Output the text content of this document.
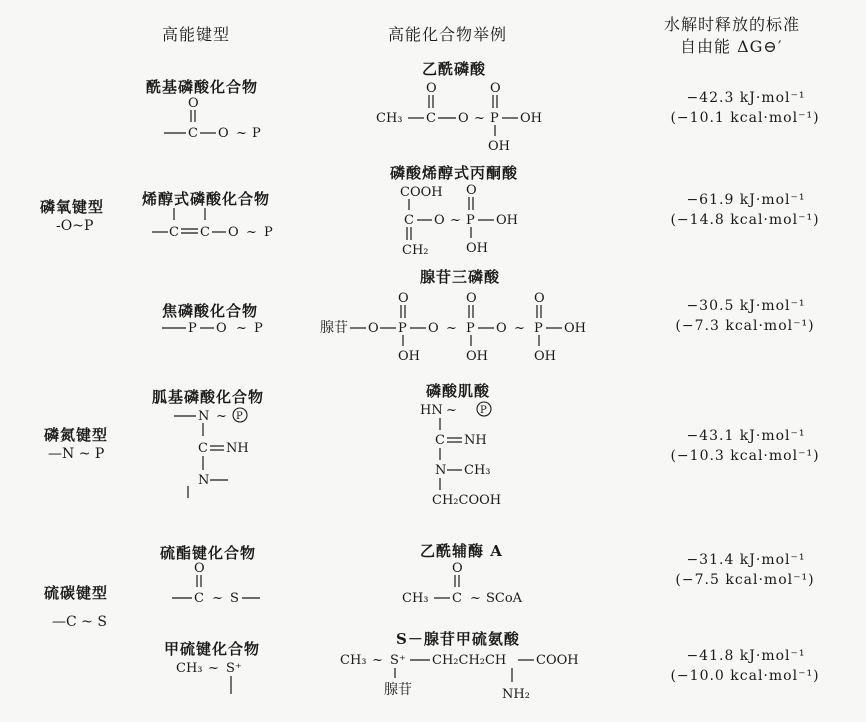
高能键型	高能化合物举例
水解时释放的标准
自由能 ΔG⊖′
磷氧键型
-O~P
磷氮键型
—N ~ P
硫碳键型
—C ~ S
酰基磷酸化合物
O
C O ~ P
乙酰磷酸
CH₃ C
O
O ~ P
O
OH
OH
−42.3 kJ·mol⁻¹
(−10.1 kcal·mol⁻¹)
烯醇式磷酸化合物
C C O ~ P
磷酸烯醇式丙酮酸
COOH
C O ~ P
O
OH
OH
CH₂
−61.9 kJ·mol⁻¹
(−14.8 kcal·mol⁻¹)
焦磷酸化合物
P O ~ P
腺苷三磷酸
腺苷 O P
O
OH
O ~ P
O
OH
O ~ P
O
OH
OH
−30.5 kJ·mol⁻¹
(−7.3 kcal·mol⁻¹)
胍基磷酸化合物
N ~ P
C NH
N
磷酸肌酸
HN ~ P
C NH
N CH₃
CH₂COOH
−43.1 kJ·mol⁻¹
(−10.3 kcal·mol⁻¹)
硫酯键化合物
O
C ~ S
乙酰辅酶 A
CH₃ C
O
~ SCoA
−31.4 kJ·mol⁻¹
(−7.5 kcal·mol⁻¹)
甲硫键化合物
CH₃ ~ S⁺
S－腺苷甲硫氨酸
CH₃ ~ S⁺ CH₂CH₂CH COOH
腺苷	NH₂
−41.8 kJ·mol⁻¹
(−10.0 kcal·mol⁻¹)
